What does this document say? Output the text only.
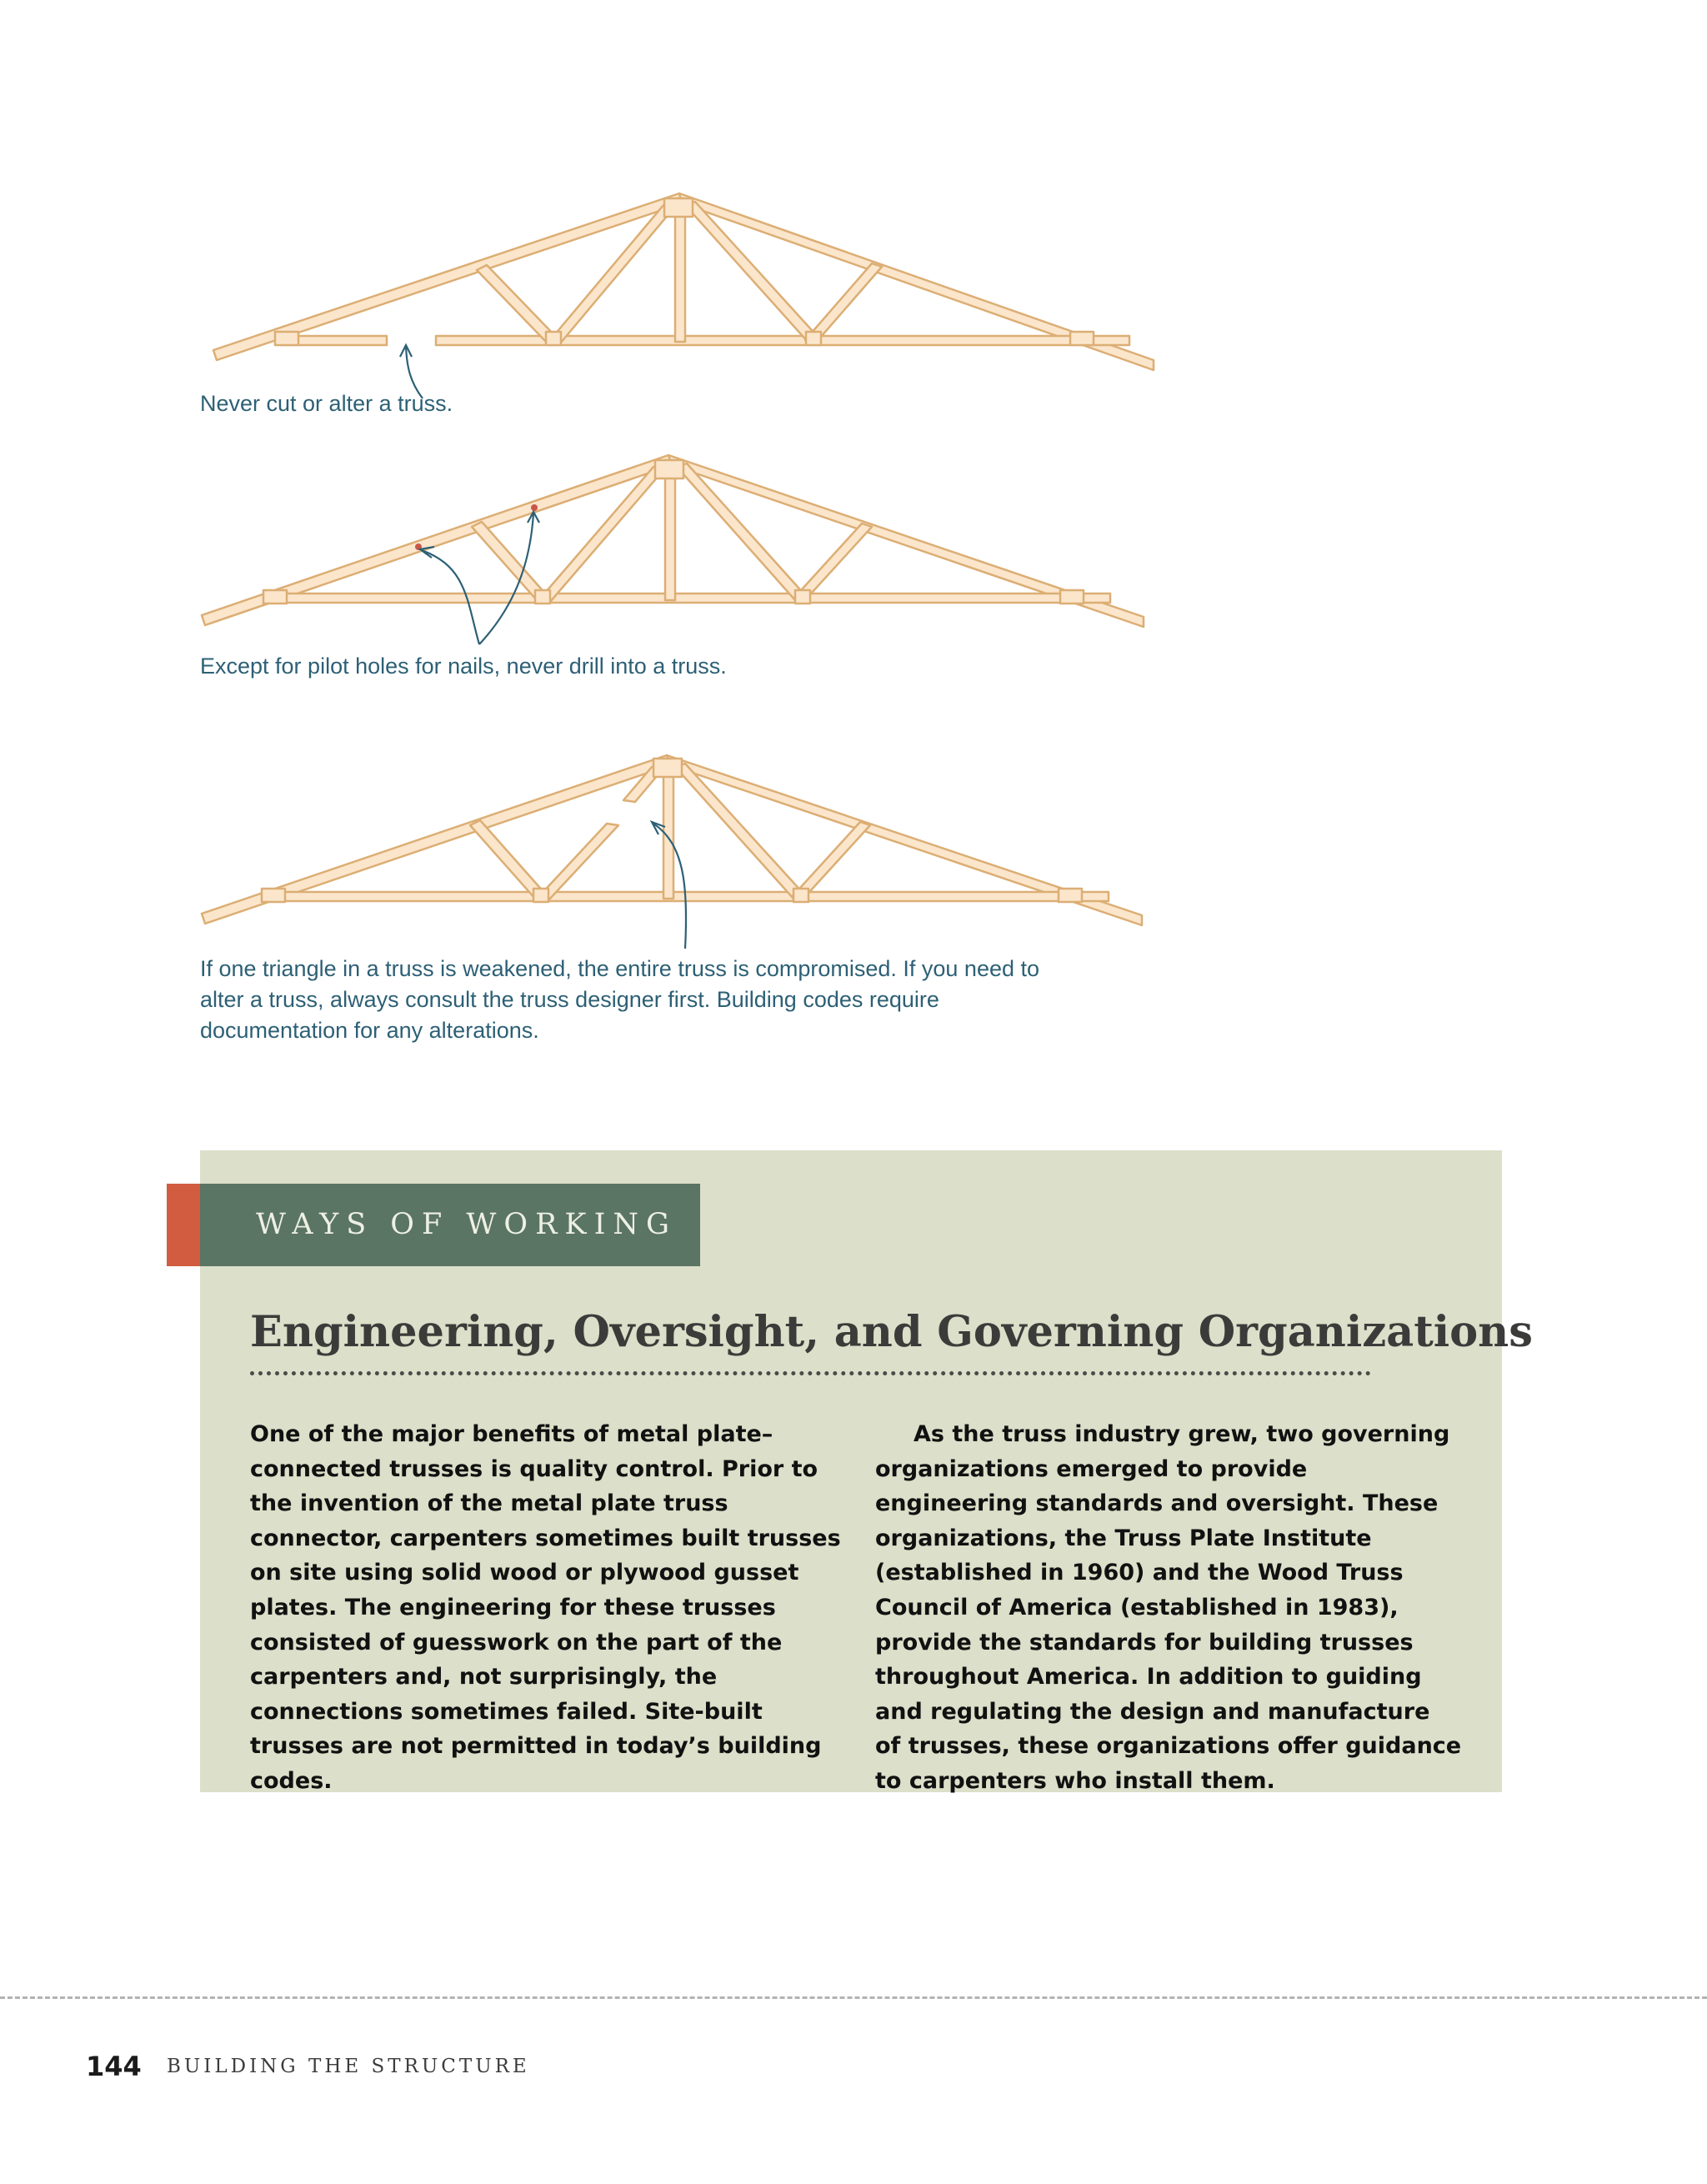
Never cut or alter a truss.

Except for pilot holes for nails, never drill into a truss.

If one triangle in a truss is weakened, the entire truss is compromised. If you need to alter a truss, always consult the truss designer first. Building codes require documentation for any alterations.

WAYS OF WORKING

Engineering, Oversight, and Governing Organizations

One of the major benefits of metal plate–connected trusses is quality control. Prior to the invention of the metal plate truss connector, carpenters sometimes built trusses on site using solid wood or plywood gusset plates. The engineering for these trusses consisted of guesswork on the part of the carpenters and, not surprisingly, the connections sometimes failed. Site-built trusses are not permitted in today’s building codes.

As the truss industry grew, two governing organizations emerged to provide engineering standards and oversight. These organizations, the Truss Plate Institute (established in 1960) and the Wood Truss Council of America (established in 1983), provide the standards for building trusses throughout America. In addition to guiding and regulating the design and manufacture of trusses, these organizations offer guidance to carpenters who install them.

144 BUILDING THE STRUCTURE
